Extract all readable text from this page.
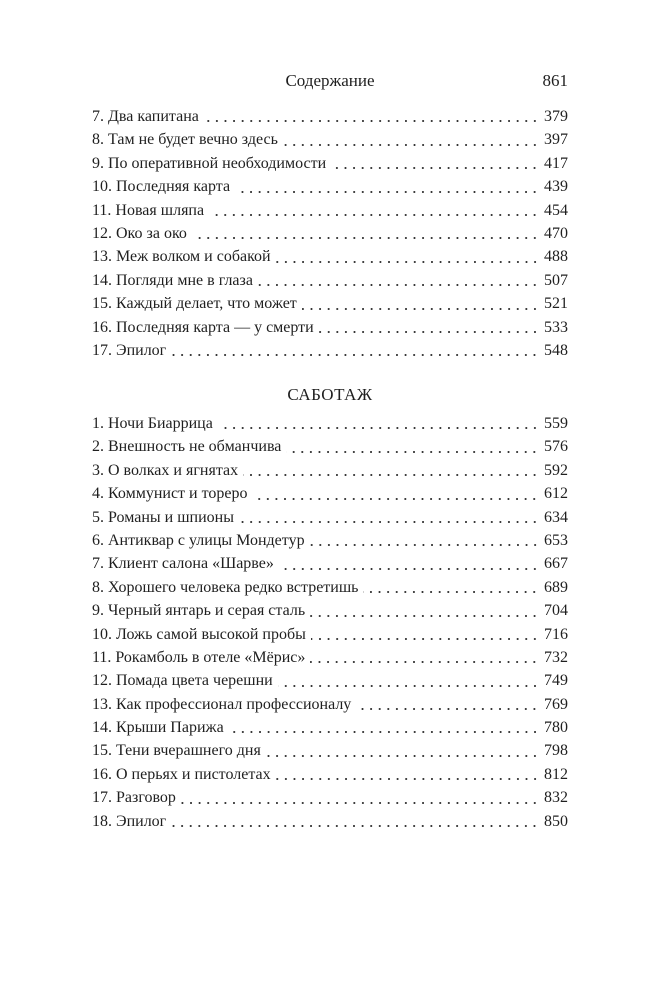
Содержание	861
7. Два капитана	379
8. Там не будет вечно здесь	397
9. По оперативной необходимости	417
10. Последняя карта	439
11. Новая шляпа	454
12. Око за око	470
13. Меж волком и собакой	488
14. Погляди мне в глаза	507
15. Каждый делает, что может	521
16. Последняя карта — у смерти	533
17. Эпилог	548
САБОТАЖ
1. Ночи Биаррица	559
2. Внешность не обманчива	576
3. О волках и ягнятах	592
4. Коммунист и тореро	612
5. Романы и шпионы	634
6. Антиквар с улицы Мондетур	653
7. Клиент салона «Шарве»	667
8. Хорошего человека редко встретишь	689
9. Черный янтарь и серая сталь	704
10. Ложь самой высокой пробы	716
11. Рокамболь в отеле «Мёрис»	732
12. Помада цвета черешни	749
13. Как профессионал профессионалу	769
14. Крыши Парижа	780
15. Тени вчерашнего дня	798
16. О перьях и пистолетах	812
17. Разговор	832
18. Эпилог	850
